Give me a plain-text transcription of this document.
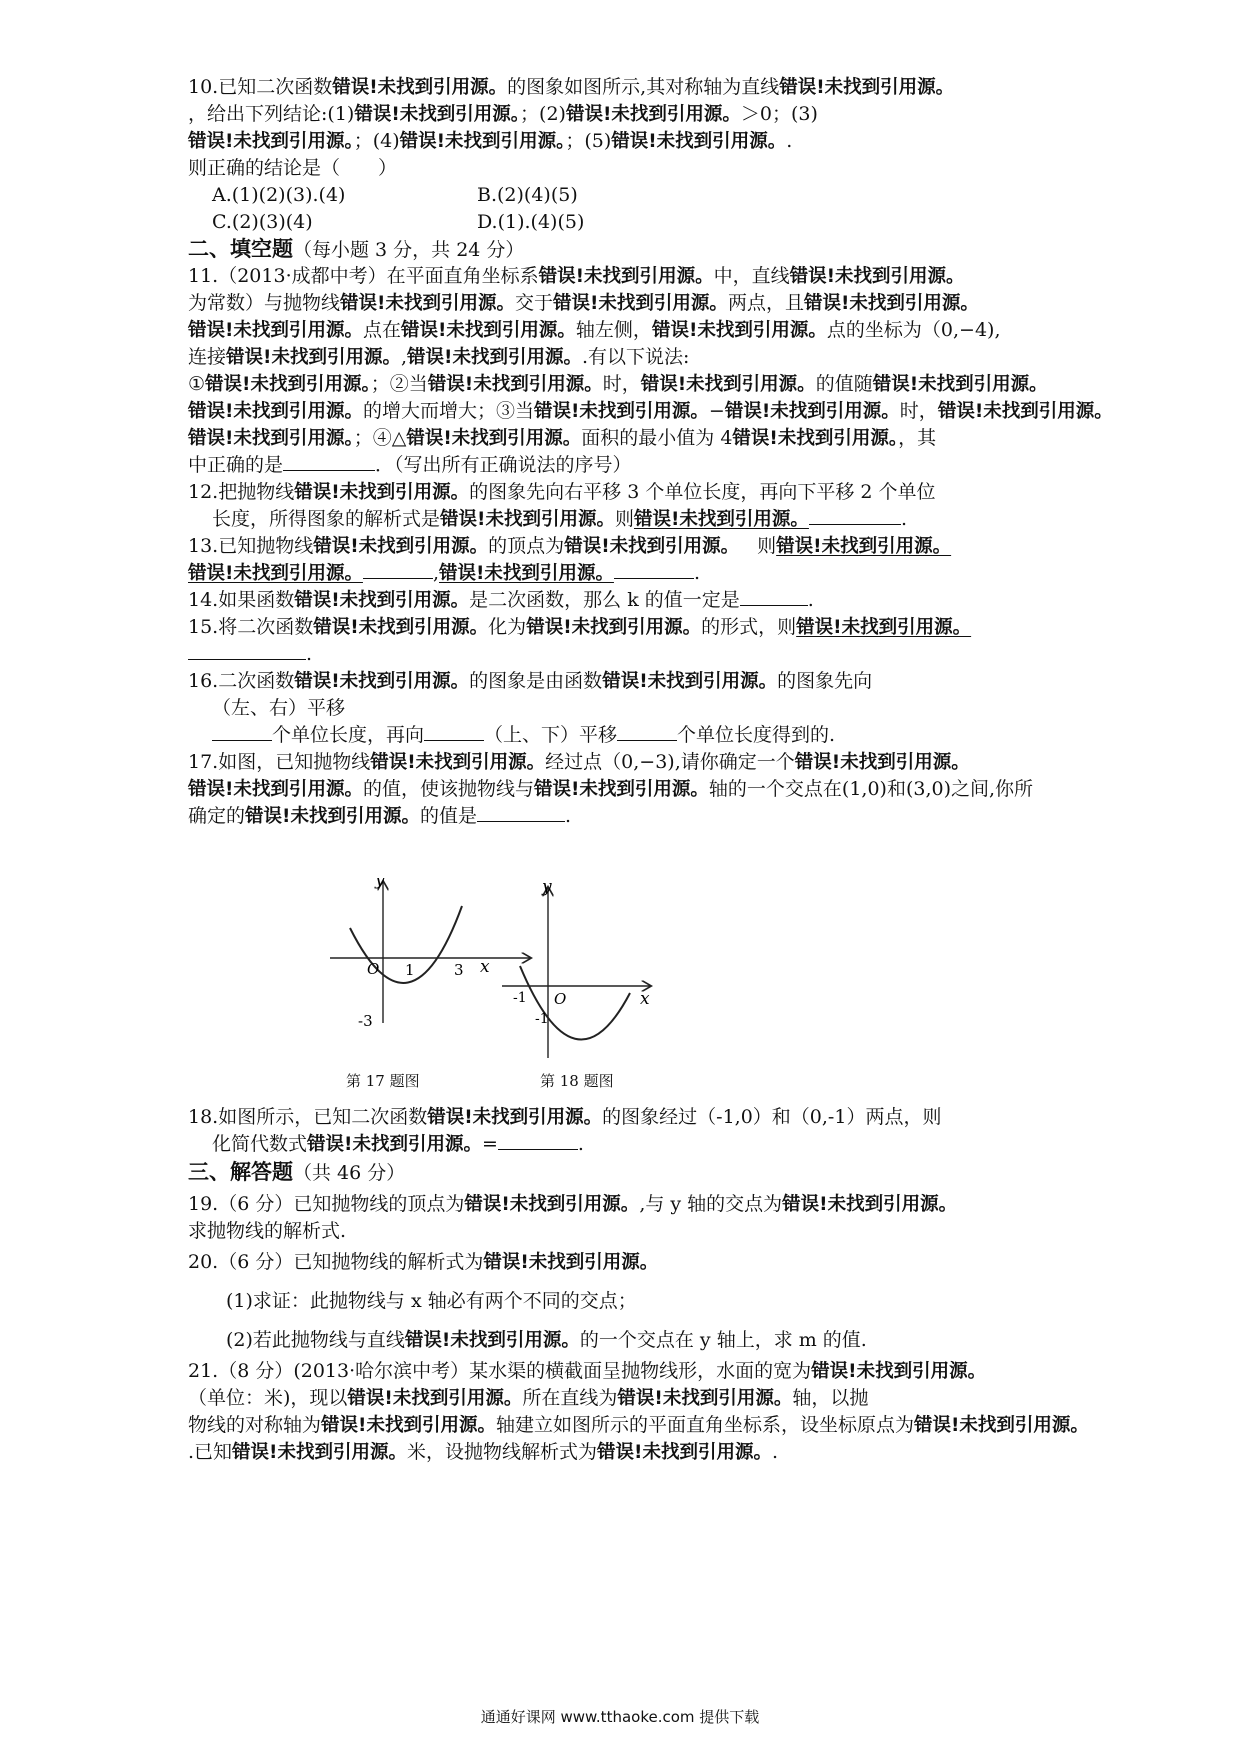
10.已知二次函数错误!未找到引用源。的图象如图所示,其对称轴为直线错误!未找到引用源。
，给出下列结论:(1)错误!未找到引用源。；(2)错误!未找到引用源。＞0；(3)
错误!未找到引用源。；(4)错误!未找到引用源。；(5)错误!未找到引用源。.
则正确的结论是（　　）
A.(1)(2)(3).(4)	B.(2)(4)(5)
C.(2)(3)(4)	D.(1).(4)(5)
二、填空题（每小题 3 分，共 24 分）
11.（2013·成都中考）在平面直角坐标系错误!未找到引用源。中，直线错误!未找到引用源。
为常数）与抛物线错误!未找到引用源。交于错误!未找到引用源。两点，且错误!未找到引用源。
错误!未找到引用源。点在错误!未找到引用源。轴左侧，错误!未找到引用源。点的坐标为（0,−4),
连接错误!未找到引用源。,错误!未找到引用源。.有以下说法:
①错误!未找到引用源。；②当错误!未找到引用源。时，错误!未找到引用源。的值随错误!未找到引用源。
错误!未找到引用源。的增大而增大；③当错误!未找到引用源。−错误!未找到引用源。时，错误!未找到引用源。
错误!未找到引用源。；④△错误!未找到引用源。面积的最小值为 4错误!未找到引用源。，其
中正确的是	．（写出所有正确说法的序号）
12.把抛物线错误!未找到引用源。的图象先向右平移 3 个单位长度，再向下平移 2 个单位
长度，所得图象的解析式是错误!未找到引用源。则错误!未找到引用源。	.
13.已知抛物线错误!未找到引用源。的顶点为错误!未找到引用源。 则错误!未找到引用源。
错误!未找到引用源。	,错误!未找到引用源。	.
14.如果函数错误!未找到引用源。是二次函数，那么 k 的值一定是	.
15.将二次函数错误!未找到引用源。化为错误!未找到引用源。的形式，则错误!未找到引用源。
.
16.二次函数错误!未找到引用源。的图象是由函数错误!未找到引用源。的图象先向
（左、右）平移
个单位长度，再向	（上、下）平移	个单位长度得到的.
17.如图，已知抛物线错误!未找到引用源。经过点（0,−3),请你确定一个错误!未找到引用源。
错误!未找到引用源。的值，使该抛物线与错误!未找到引用源。轴的一个交点在(1,0)和(3,0)之间,你所
确定的错误!未找到引用源。的值是	.
y
x
O 1	3
-3
y
x
O
-1
-1
第 17 题图	第 18 题图
18.如图所示，已知二次函数错误!未找到引用源。的图象经过（-1,0）和（0,-1）两点，则
化简代数式错误!未找到引用源。=	.
三、解答题（共 46 分）
19.（6 分）已知抛物线的顶点为错误!未找到引用源。,与 y 轴的交点为错误!未找到引用源。
求抛物线的解析式.
20.（6 分）已知抛物线的解析式为错误!未找到引用源。
(1)求证：此抛物线与 x 轴必有两个不同的交点；
(2)若此抛物线与直线错误!未找到引用源。的一个交点在 y 轴上，求 m 的值.
21.（8 分）(2013·哈尔滨中考）某水渠的横截面呈抛物线形，水面的宽为错误!未找到引用源。
（单位：米)，现以错误!未找到引用源。所在直线为错误!未找到引用源。轴，以抛
物线的对称轴为错误!未找到引用源。轴建立如图所示的平面直角坐标系，设坐标原点为错误!未找到引用源。
.已知错误!未找到引用源。米，设抛物线解析式为错误!未找到引用源。.
通通好课网 www.tthaoke.com 提供下载
